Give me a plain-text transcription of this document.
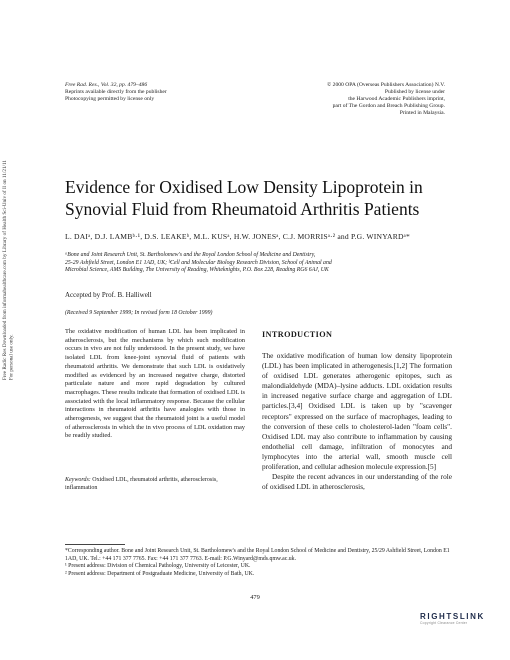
Free Radic Res Downloaded from informahealthcare.com by Library of Health Sci-Univ of Il on 11/21/11 For personal use only.
Free Rad. Res., Vol. 32, pp. 479–486
Reprints available directly from the publisher
Photocopying permitted by license only
© 2000 OPA (Overseas Publishers Association) N.V.
Published by license under
the Harwood Academic Publishers imprint,
part of The Gordon and Breach Publishing Group.
Printed in Malaysia.
Evidence for Oxidised Low Density Lipoprotein in
Synovial Fluid from Rheumatoid Arthritis Patients
L. DAIᵃ, D.J. LAMBᵇ·¹, D.S. LEAKEᵇ, M.L. KUSᵃ, H.W. JONESᵃ, C.J. MORRISᵃ·² and P.G. WINYARDᵃ*
ᵃBone and Joint Research Unit, St. Bartholomew's and the Royal London School of Medicine and Dentistry,
25-29 Ashfield Street, London E1 1AD, UK; ᵇCell and Molecular Biology Research Division, School of Animal and
Microbial Science, AMS Building, The University of Reading, Whiteknights, P.O. Box 228, Reading RG6 6AJ, UK
Accepted by Prof. B. Halliwell
(Received 9 September 1999; In revised form 18 October 1999)
The oxidative modification of human LDL has been implicated in atherosclerosis, but the mechanisms by which such modification occurs in vivo are not fully understood. In the present study, we have isolated LDL from knee-joint synovial fluid of patients with rheumatoid arthritis. We demonstrate that such LDL is oxidatively modified as evidenced by an increased negative charge, distorted particulate nature and more rapid degradation by cultured macrophages. These results indicate that formation of oxidised LDL is associated with the local inflammatory response. Because the cellular interactions in rheumatoid arthritis have analogies with those in atherogenesis, we suggest that the rheumatoid joint is a useful model of atherosclerosis in which the in vivo process of LDL oxidation may be readily studied.
Keywords: Oxidised LDL, rheumatoid arthritis, atherosclerosis, inflammation
INTRODUCTION

The oxidative modification of human low density lipoprotein (LDL) has been implicated in atherogenesis.[1,2] The formation of oxidised LDL generates atherogenic epitopes, such as malondialdehyde (MDA)–lysine adducts. LDL oxidation results in increased negative surface charge and aggregation of LDL particles.[3,4] Oxidised LDL is taken up by "scavenger receptors" expressed on the surface of macrophages, leading to the conversion of these cells to cholesterol-laden "foam cells". Oxidised LDL may also contribute to inflammation by causing endothelial cell damage, infiltration of monocytes and lymphocytes into the arterial wall, smooth muscle cell proliferation, and cellular adhesion molecule expression.[5]

Despite the recent advances in our understanding of the role of oxidised LDL in atherosclerosis,

*Corresponding author. Bone and Joint Research Unit, St. Bartholomew's and the Royal London School of Medicine and Dentistry, 25/29 Ashfield Street, London E1 1AD, UK. Tel.: +44 171 377 7765. Fax: +44 171 377 7763. E-mail: P.G.Winyard@mds.qmw.ac.uk.
¹ Present address: Division of Chemical Pathology, University of Leicester, UK.
² Present address: Department of Postgraduate Medicine, University of Bath, UK.
479
RIGHTSLINK
Copyright Clearance Center
